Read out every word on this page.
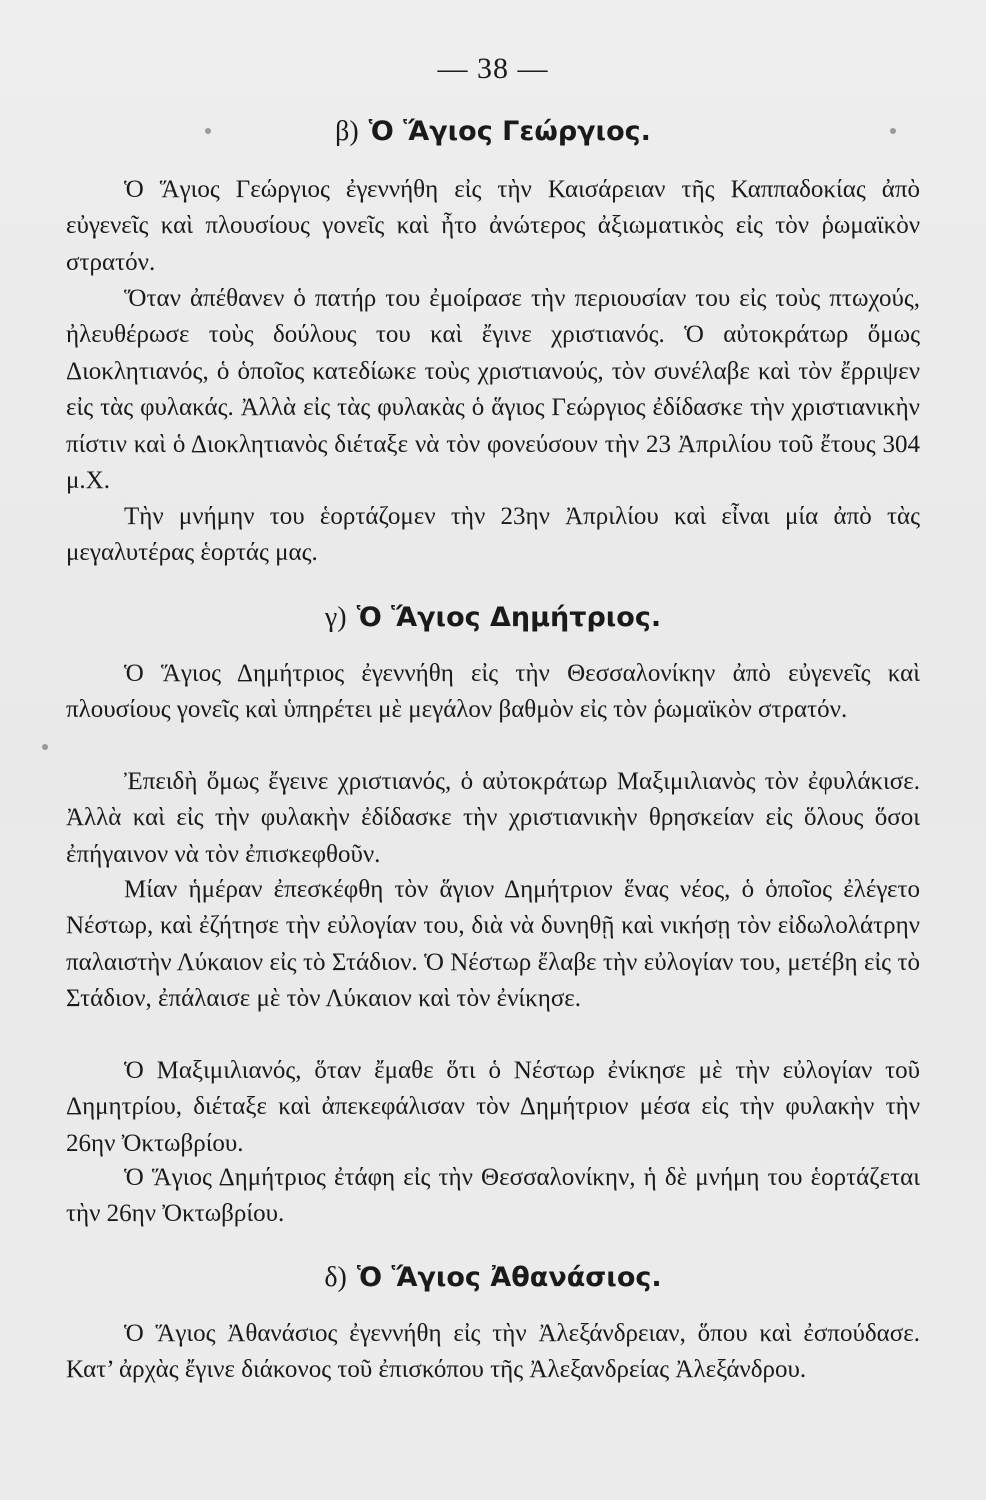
— 38 —
β) Ὁ Ἅγιος Γεώργιος.

Ὁ Ἅγιος Γεώργιος ἐγεννήθη εἰς τὴν Καισάρειαν τῆς Καππαδοκίας ἀπὸ εὐγενεῖς καὶ πλουσίους γονεῖς καὶ ἦτο ἀνώτερος ἀξιωματικὸς εἰς τὸν ῥωμαϊκὸν στρατόν.

Ὅταν ἀπέθανεν ὁ πατήρ του ἐμοίρασε τὴν περιουσίαν του εἰς τοὺς πτωχούς, ἠλευθέρωσε τοὺς δούλους του καὶ ἔγινε χριστιανός. Ὁ αὐτοκράτωρ ὅμως Διοκλητιανός, ὁ ὁποῖος κατεδίωκε τοὺς χριστιανούς, τὸν συνέλαβε καὶ τὸν ἔρριψεν εἰς τὰς φυλακάς. Ἀλλὰ εἰς τὰς φυλακὰς ὁ ἅγιος Γεώργιος ἐδίδασκε τὴν χριστιανικὴν πίστιν καὶ ὁ Διοκλητιανὸς διέταξε νὰ τὸν φονεύσουν τὴν 23 Ἀπριλίου τοῦ ἔτους 304 μ.Χ.

Τὴν μνήμην του ἑορτάζομεν τὴν 23ην Ἀπριλίου καὶ εἶναι μία ἀπὸ τὰς μεγαλυτέρας ἑορτάς μας.

γ) Ὁ Ἅγιος Δημήτριος.

Ὁ Ἅγιος Δημήτριος ἐγεννήθη εἰς τὴν Θεσσαλονίκην ἀπὸ εὐγενεῖς καὶ πλουσίους γονεῖς καὶ ὑπηρέτει μὲ μεγάλον βαθμὸν εἰς τὸν ῥωμαϊκὸν στρατόν.

Ἐπειδὴ ὅμως ἔγεινε χριστιανός, ὁ αὐτοκράτωρ Μαξιμιλιανὸς τὸν ἐφυλάκισε. Ἀλλὰ καὶ εἰς τὴν φυλακὴν ἐδίδασκε τὴν χριστιανικὴν θρησκείαν εἰς ὅλους ὅσοι ἐπήγαινον νὰ τὸν ἐπισκεφθοῦν.

Μίαν ἡμέραν ἐπεσκέφθη τὸν ἅγιον Δημήτριον ἕνας νέος, ὁ ὁποῖος ἐλέγετο Νέστωρ, καὶ ἐζήτησε τὴν εὐλογίαν του, διὰ νὰ δυνηθῇ καὶ νικήσῃ τὸν εἰδωλολάτρην παλαιστὴν Λύκαιον εἰς τὸ Στάδιον. Ὁ Νέστωρ ἔλαβε τὴν εὐλογίαν του, μετέβη εἰς τὸ Στάδιον, ἐπάλαισε μὲ τὸν Λύκαιον καὶ τὸν ἐνίκησε.

Ὁ Μαξιμιλιανός, ὅταν ἔμαθε ὅτι ὁ Νέστωρ ἐνίκησε μὲ τὴν εὐλογίαν τοῦ Δημητρίου, διέταξε καὶ ἀπεκεφάλισαν τὸν Δημήτριον μέσα εἰς τὴν φυλακὴν τὴν 26ην Ὀκτωβρίου.

Ὁ Ἅγιος Δημήτριος ἐτάφη εἰς τὴν Θεσσαλονίκην, ἡ δὲ μνήμη του ἑορτάζεται τὴν 26ην Ὀκτωβρίου.

δ) Ὁ Ἅγιος Ἀθανάσιος.

Ὁ Ἅγιος Ἀθανάσιος ἐγεννήθη εἰς τὴν Ἀλεξάνδρειαν, ὅπου καὶ ἐσπούδασε. Κατ’ ἀρχὰς ἔγινε διάκονος τοῦ ἐπισκόπου τῆς Ἀλεξανδρείας Ἀλεξάνδρου.
